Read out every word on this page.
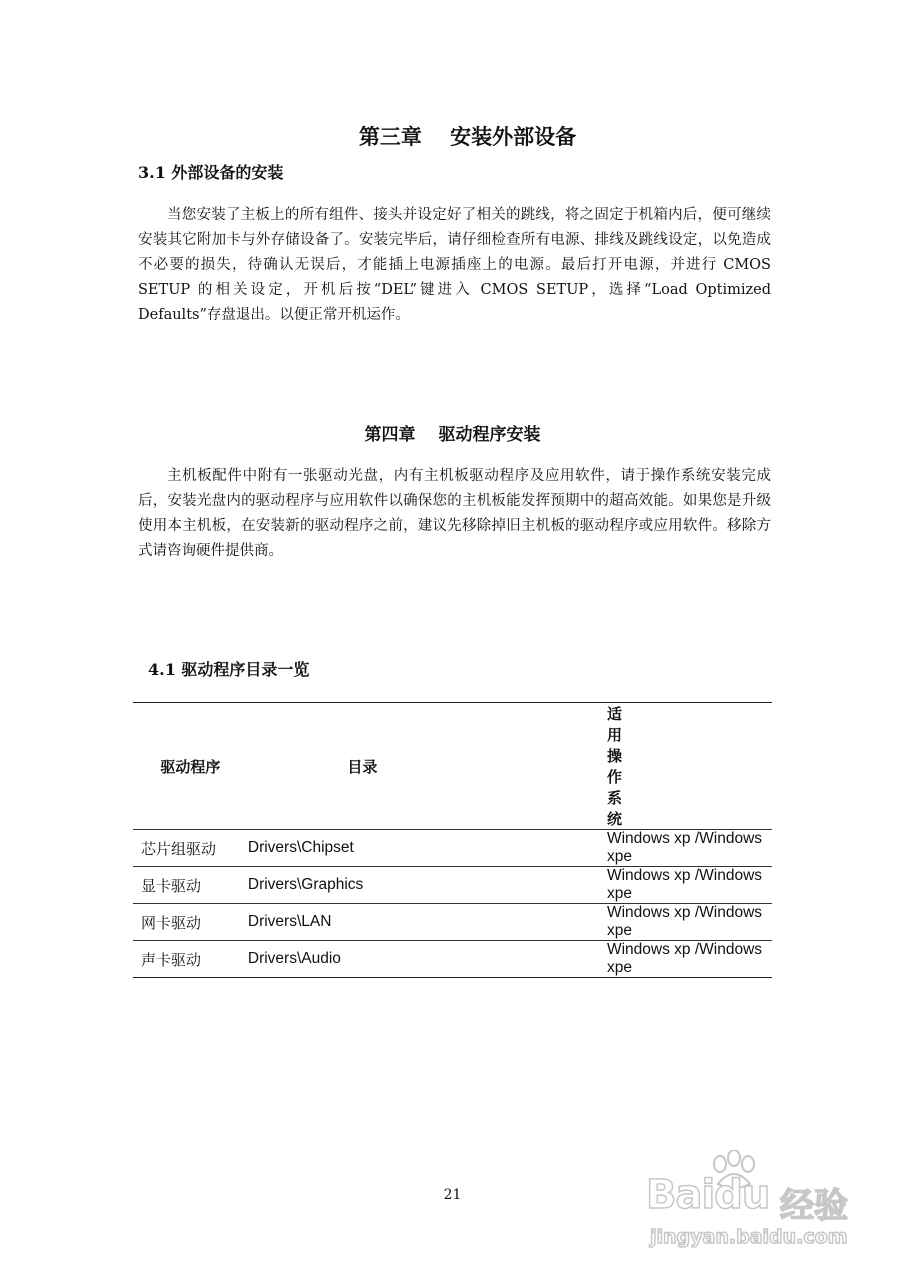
第三章　 安装外部设备
3.1 外部设备的安装

当您安装了主板上的所有组件、接头并设定好了相关的跳线，将之固定于机箱内后，便可继续安装其它附加卡与外存储设备了。安装完毕后，请仔细检查所有电源、排线及跳线设定，以免造成不必要的损失，待确认无误后，才能插上电源插座上的电源。最后打开电源，并进行 CMOS SETUP 的相关设定，开机后按“DEL”键进入 CMOS SETUP，选择“Load Optimized Defaults”存盘退出。以便正常开机运作。

第四章　 驱动程序安装

主机板配件中附有一张驱动光盘，内有主机板驱动程序及应用软件，请于操作系统安装完成后，安装光盘内的驱动程序与应用软件以确保您的主机板能发挥预期中的超高效能。如果您是升级使用本主机板，在安装新的驱动程序之前，建议先移除掉旧主机板的驱动程序或应用软件。移除方式请咨询硬件提供商。

4.1 驱动程序目录一览
驱动程序	目录	适用操作系统
芯片组驱动	Drivers\Chipset	Windows xp /Windows xpe
显卡驱动	Drivers\Graphics	Windows xp /Windows xpe
网卡驱动	Drivers\LAN	Windows xp /Windows xpe
声卡驱动	Drivers\Audio	Windows xp /Windows xpe
21	Baidu 经验
jingyan.baidu.com
